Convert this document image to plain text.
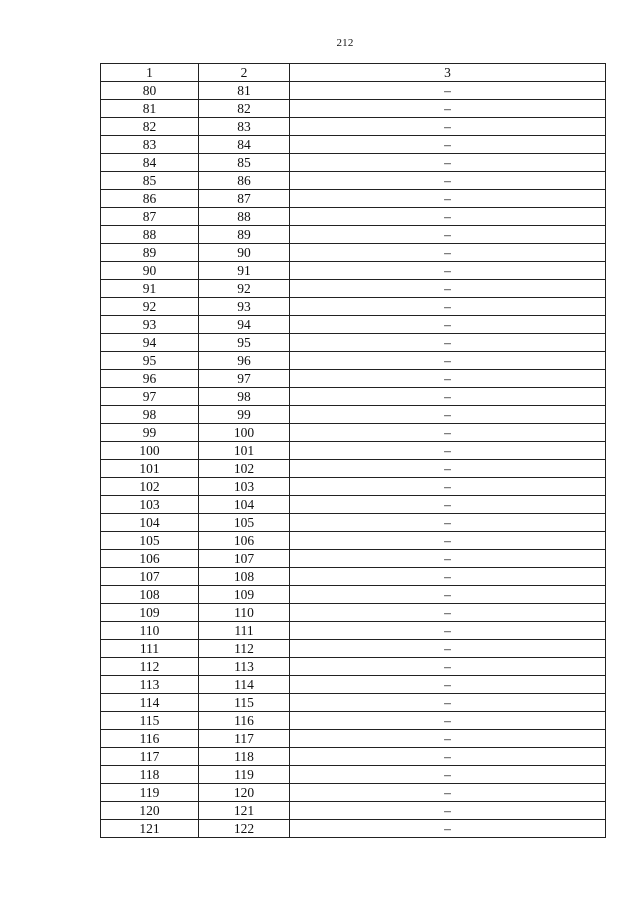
212
1	2	3
80	81	–
81	82	–
82	83	–
83	84	–
84	85	–
85	86	–
86	87	–
87	88	–
88	89	–
89	90	–
90	91	–
91	92	–
92	93	–
93	94	–
94	95	–
95	96	–
96	97	–
97	98	–
98	99	–
99	100	–
100	101	–
101	102	–
102	103	–
103	104	–
104	105	–
105	106	–
106	107	–
107	108	–
108	109	–
109	110	–
110	111	–
111	112	–
112	113	–
113	114	–
114	115	–
115	116	–
116	117	–
117	118	–
118	119	–
119	120	–
120	121	–
121	122	–
